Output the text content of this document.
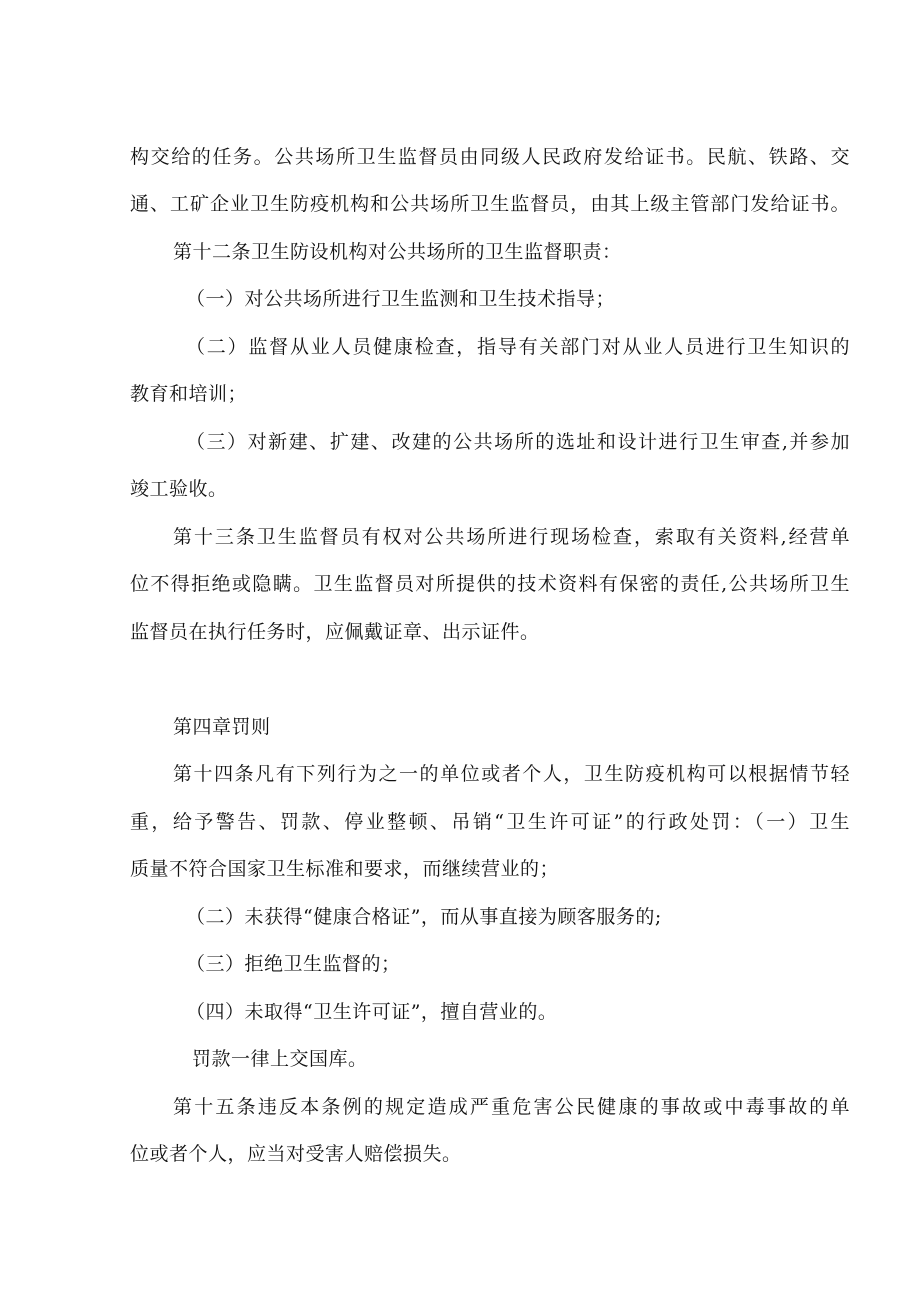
构交给的任务。公共场所卫生监督员由同级人民政府发给证书。民航、铁路、交
通、工矿企业卫生防疫机构和公共场所卫生监督员，由其上级主管部门发给证书。
第十二条卫生防设机构对公共场所的卫生监督职责：
（一）对公共场所进行卫生监测和卫生技术指导；
（二）监督从业人员健康检查，指导有关部门对从业人员进行卫生知识的
教育和培训；
（三）对新建、扩建、改建的公共场所的选址和设计进行卫生审查,并参加
竣工验收。
第十三条卫生监督员有权对公共场所进行现场检查，索取有关资料,经营单
位不得拒绝或隐瞒。卫生监督员对所提供的技术资料有保密的责任,公共场所卫生
监督员在执行任务时，应佩戴证章、出示证件。
第四章罚则
第十四条凡有下列行为之一的单位或者个人，卫生防疫机构可以根据情节轻
重，给予警告、罚款、停业整顿、吊销“卫生许可证”的行政处罚：（一）卫生
质量不符合国家卫生标准和要求，而继续营业的；
（二）未获得“健康合格证”，而从事直接为顾客服务的;
（三）拒绝卫生监督的；
（四）未取得“卫生许可证”，擅自营业的。
罚款一律上交国库。
第十五条违反本条例的规定造成严重危害公民健康的事故或中毒事故的单
位或者个人，应当对受害人赔偿损失。
